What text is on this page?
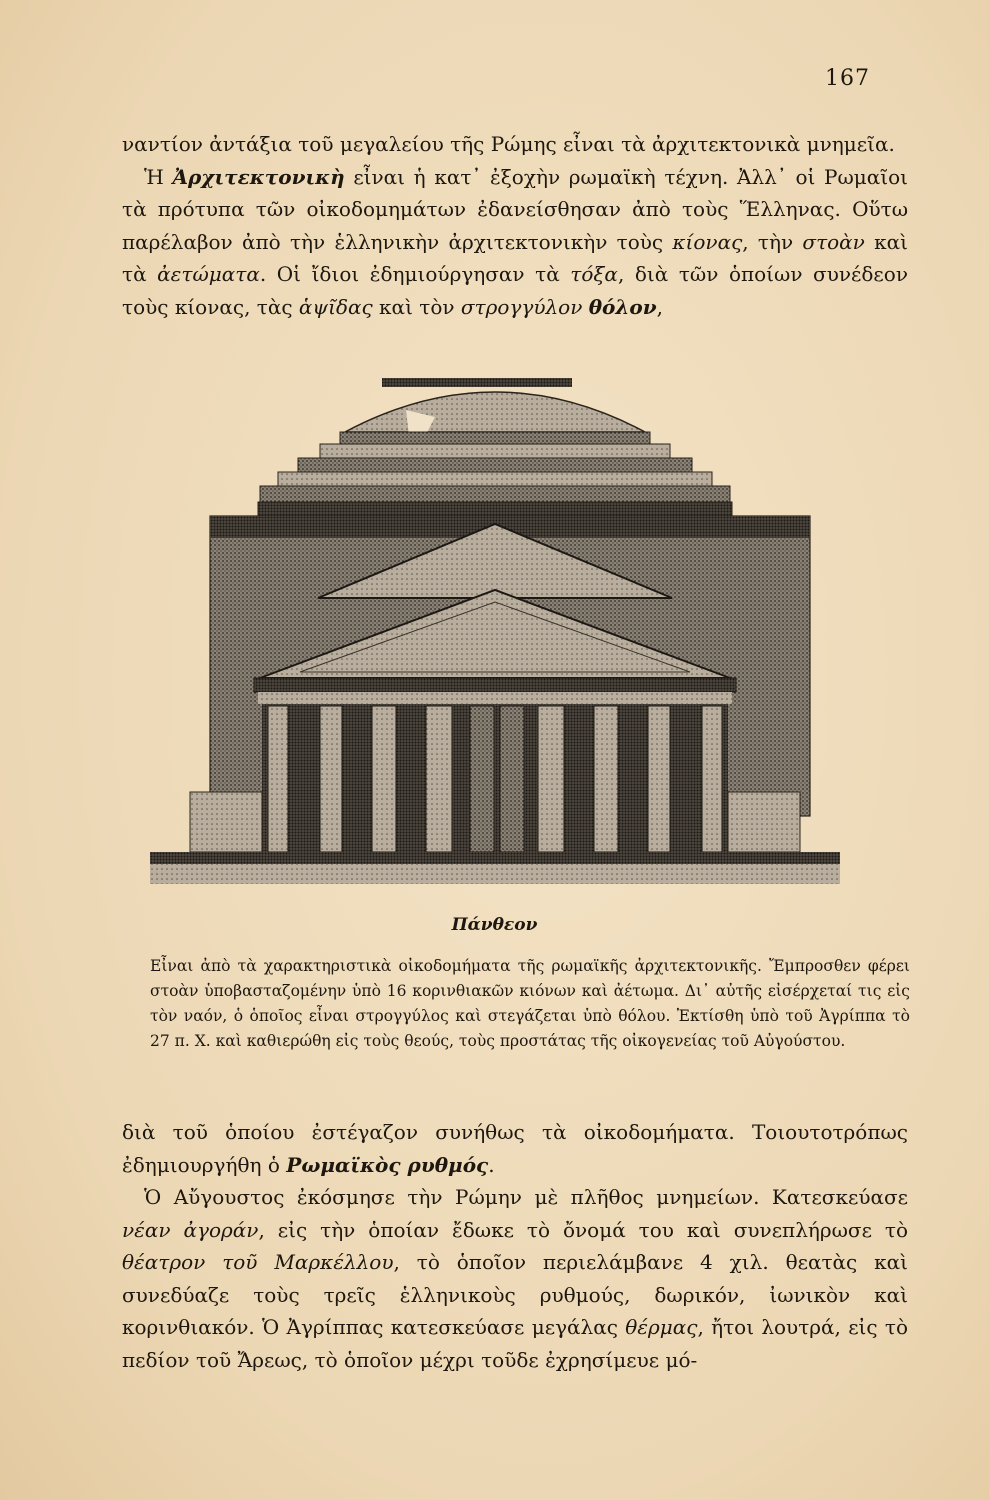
167

ναντίον ἀντάξια τοῦ μεγαλείου τῆς Ρώμης εἶναι τὰ ἀρχιτεκτονικὰ μνημεῖα.

Ἡ Ἀρχιτεκτονικὴ εἶναι ἡ κατ᾽ ἐξοχὴν ρωμαϊκὴ τέχνη. Ἀλλ᾽ οἱ Ρωμαῖοι τὰ πρότυπα τῶν οἰκοδομημάτων ἐδανείσθησαν ἀπὸ τοὺς Ἕλληνας. Οὕτω παρέλαβον ἀπὸ τὴν ἑλληνικὴν ἀρχιτεκτονικὴν τοὺς κίονας, τὴν στοὰν καὶ τὰ ἀετώματα. Οἱ ἴδιοι ἐδημιούργησαν τὰ τόξα, διὰ τῶν ὁποίων συνέδεον τοὺς κίονας, τὰς ἁψῖδας καὶ τὸν στρογγύλον θόλον,

Πάνθεον
Εἶναι ἀπὸ τὰ χαρακτηριστικὰ οἰκοδομήματα τῆς ρωμαϊκῆς ἀρχιτεκτονικῆς. Ἔμπροσθεν φέρει στοὰν ὑποβασταζομένην ὑπὸ 16 κορινθιακῶν κιόνων καὶ ἀέτωμα. Δι᾽ αὐτῆς εἰσέρχεταί τις εἰς τὸν ναόν, ὁ ὁποῖος εἶναι στρογγύλος καὶ στεγάζεται ὑπὸ θόλου. Ἐκτίσθη ὑπὸ τοῦ Ἀγρίππα τὸ 27 π. Χ. καὶ καθιερώθη εἰς τοὺς θεούς, τοὺς προστάτας τῆς οἰκογενείας τοῦ Αὐγούστου.

διὰ τοῦ ὁποίου ἐστέγαζον συνήθως τὰ οἰκοδομήματα. Τοιουτοτρόπως ἐδημιουργήθη ὁ Ρωμαϊκὸς ρυθμός.

Ὁ Αὔγουστος ἐκόσμησε τὴν Ρώμην μὲ πλῆθος μνημείων. Κατεσκεύασε νέαν ἀγοράν, εἰς τὴν ὁποίαν ἔδωκε τὸ ὄνομά του καὶ συνεπλήρωσε τὸ θέατρον τοῦ Μαρκέλλου, τὸ ὁποῖον περιελάμβανε 4 χιλ. θεατὰς καὶ συνεδύαζε τοὺς τρεῖς ἑλληνικοὺς ρυθμούς, δωρικόν, ἰωνικὸν καὶ κορινθιακόν. Ὁ Ἀγρίππας κατεσκεύασε μεγάλας θέρμας, ἤτοι λουτρά, εἰς τὸ πεδίον τοῦ Ἄρεως, τὸ ὁποῖον μέχρι τοῦδε ἐχρησίμευε μό-
